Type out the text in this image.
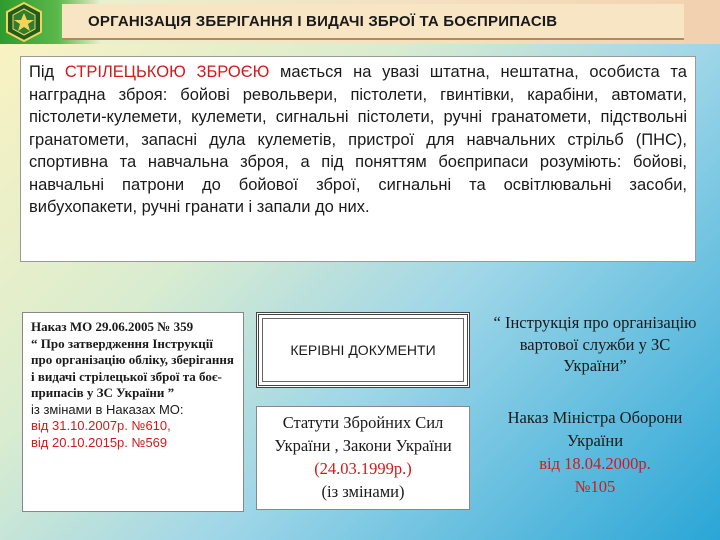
ОРГАНІЗАЦІЯ ЗБЕРІГАННЯ І ВИДАЧІ ЗБРОЇ ТА БОЄПРИПАСІВ
Під СТРІЛЕЦЬКОЮ ЗБРОЄЮ мається на увазі штатна, нештатна, особиста та нагградна зброя: бойові револьвери, пістолети, гвинтівки, карабіни, автомати, пістолети-кулемети, кулемети, сигнальні пістолети, ручні гранатомети, підствольні гранатомети, запасні дула кулеметів, пристрої для навчальних стрільб (ПНС), спортивна та навчальна зброя, а під поняттям боєприпаси розуміють: бойові, навчальні патрони до бойової зброї, сигнальні та освітлювальні засоби, вибухопакети, ручні гранати і запали до них.
Наказ МО 29.06.2005 № 359
“ Про затвердження Інструкції про організацію обліку, зберігання і видачі стрілецької зброї та боє-припасів у ЗС України ”
із змінами в Наказах МО:
від 31.10.2007р. №610,
від 20.10.2015р. №569
КЕРІВНІ ДОКУМЕНТИ
Статути Збройних Сил України , Закони України (24.03.1999р.)
(із змінами)
“ Інструкція про організацію вартової служби у ЗС України”
Наказ Міністра Оборони України
від 18.04.2000р.
№105
